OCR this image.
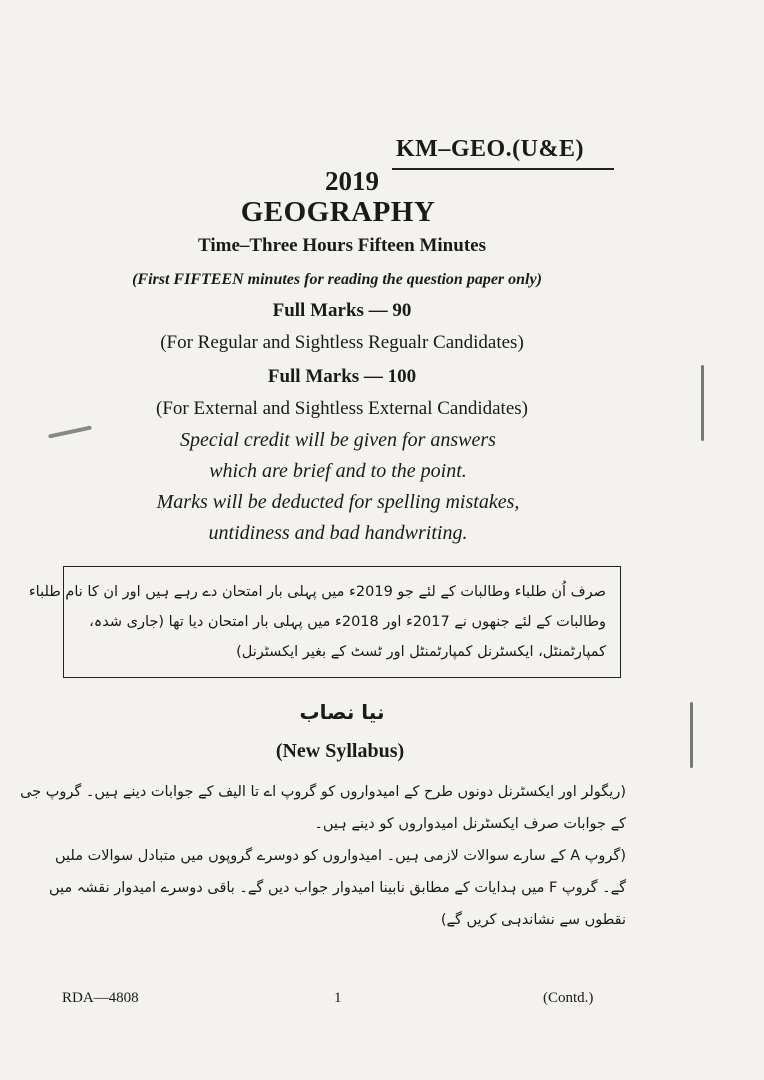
KM–GEO.(U&E)
2019
GEOGRAPHY
Time–Three Hours Fifteen Minutes
(First FIFTEEN minutes for reading the question paper only)
Full Marks — 90
(For Regular and Sightless Regualr Candidates)
Full Marks — 100
(For External and Sightless External Candidates)
Special credit will be given for answers
which are brief and to the point.
Marks will be deducted for spelling mistakes,
untidiness and bad handwriting.
صرف اُن طلباء وطالبات کے لئے جو 2019ء میں پہلی بار امتحان دے رہے ہیں اور ان کا نام طلباء
وطالبات کے لئے جنھوں نے 2017ء اور 2018ء میں پہلی بار امتحان دیا تھا (جاری شدہ،
کمپارٹمنٹل، ایکسٹرنل کمپارٹمنٹل اور ٹسٹ کے بغیر ایکسٹرنل)
نیا نصاب
(New Syllabus)
(ریگولر اور ایکسٹرنل دونوں طرح کے امیدواروں کو گروپ اے تا الیف کے جوابات دینے ہیں۔ گروپ جی
کے جوابات صرف ایکسٹرنل امیدواروں کو دینے ہیں۔
(گروپ A کے سارے سوالات لازمی ہیں۔ امیدواروں کو دوسرے گروپوں میں متبادل سوالات ملیں
گے۔ گروپ F میں ہدایات کے مطابق نابینا امیدوار جواب دیں گے۔ باقی دوسرے امیدوار نقشہ میں
نقطوں سے نشاندہی کریں گے)
RDA—4808	1	(Contd.)
